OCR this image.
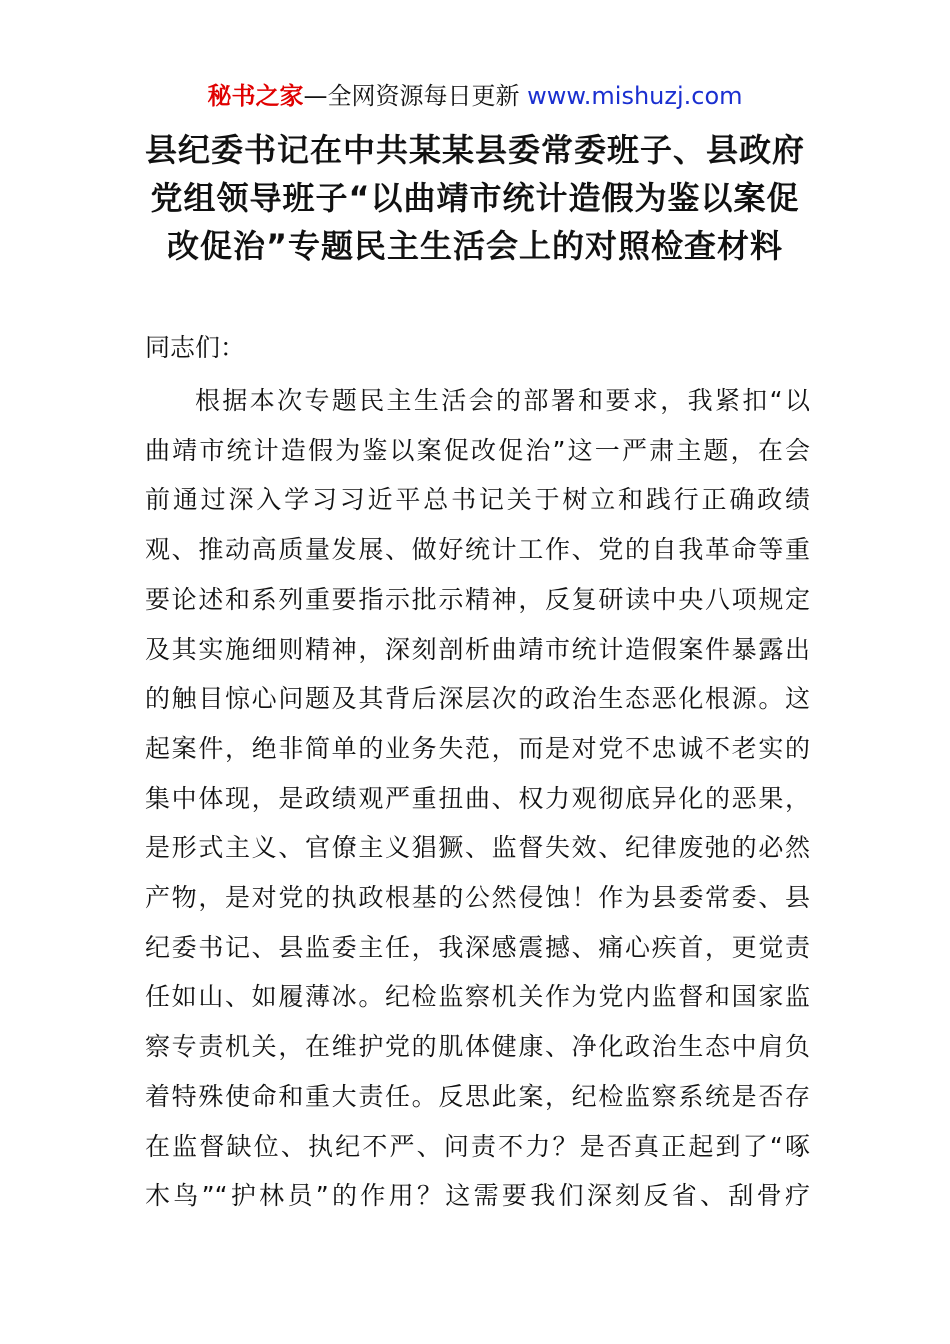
秘书之家—全网资源每日更新 www.mishuzj.com
县纪委书记在中共某某县委常委班子、县政府
党组领导班子“以曲靖市统计造假为鉴以案促
改促治”专题民主生活会上的对照检查材料
同志们：
根据本次专题民主生活会的部署和要求，我紧扣“以
曲靖市统计造假为鉴以案促改促治”这一严肃主题，在会
前通过深入学习习近平总书记关于树立和践行正确政绩
观、推动高质量发展、做好统计工作、党的自我革命等重
要论述和系列重要指示批示精神，反复研读中央八项规定
及其实施细则精神，深刻剖析曲靖市统计造假案件暴露出
的触目惊心问题及其背后深层次的政治生态恶化根源。这
起案件，绝非简单的业务失范，而是对党不忠诚不老实的
集中体现，是政绩观严重扭曲、权力观彻底异化的恶果，
是形式主义、官僚主义猖獗、监督失效、纪律废弛的必然
产物，是对党的执政根基的公然侵蚀！作为县委常委、县
纪委书记、县监委主任，我深感震撼、痛心疾首，更觉责
任如山、如履薄冰。纪检监察机关作为党内监督和国家监
察专责机关，在维护党的肌体健康、净化政治生态中肩负
着特殊使命和重大责任。反思此案，纪检监察系统是否存
在监督缺位、执纪不严、问责不力？是否真正起到了“啄
木鸟”“护林员”的作用？这需要我们深刻反省、刮骨疗
